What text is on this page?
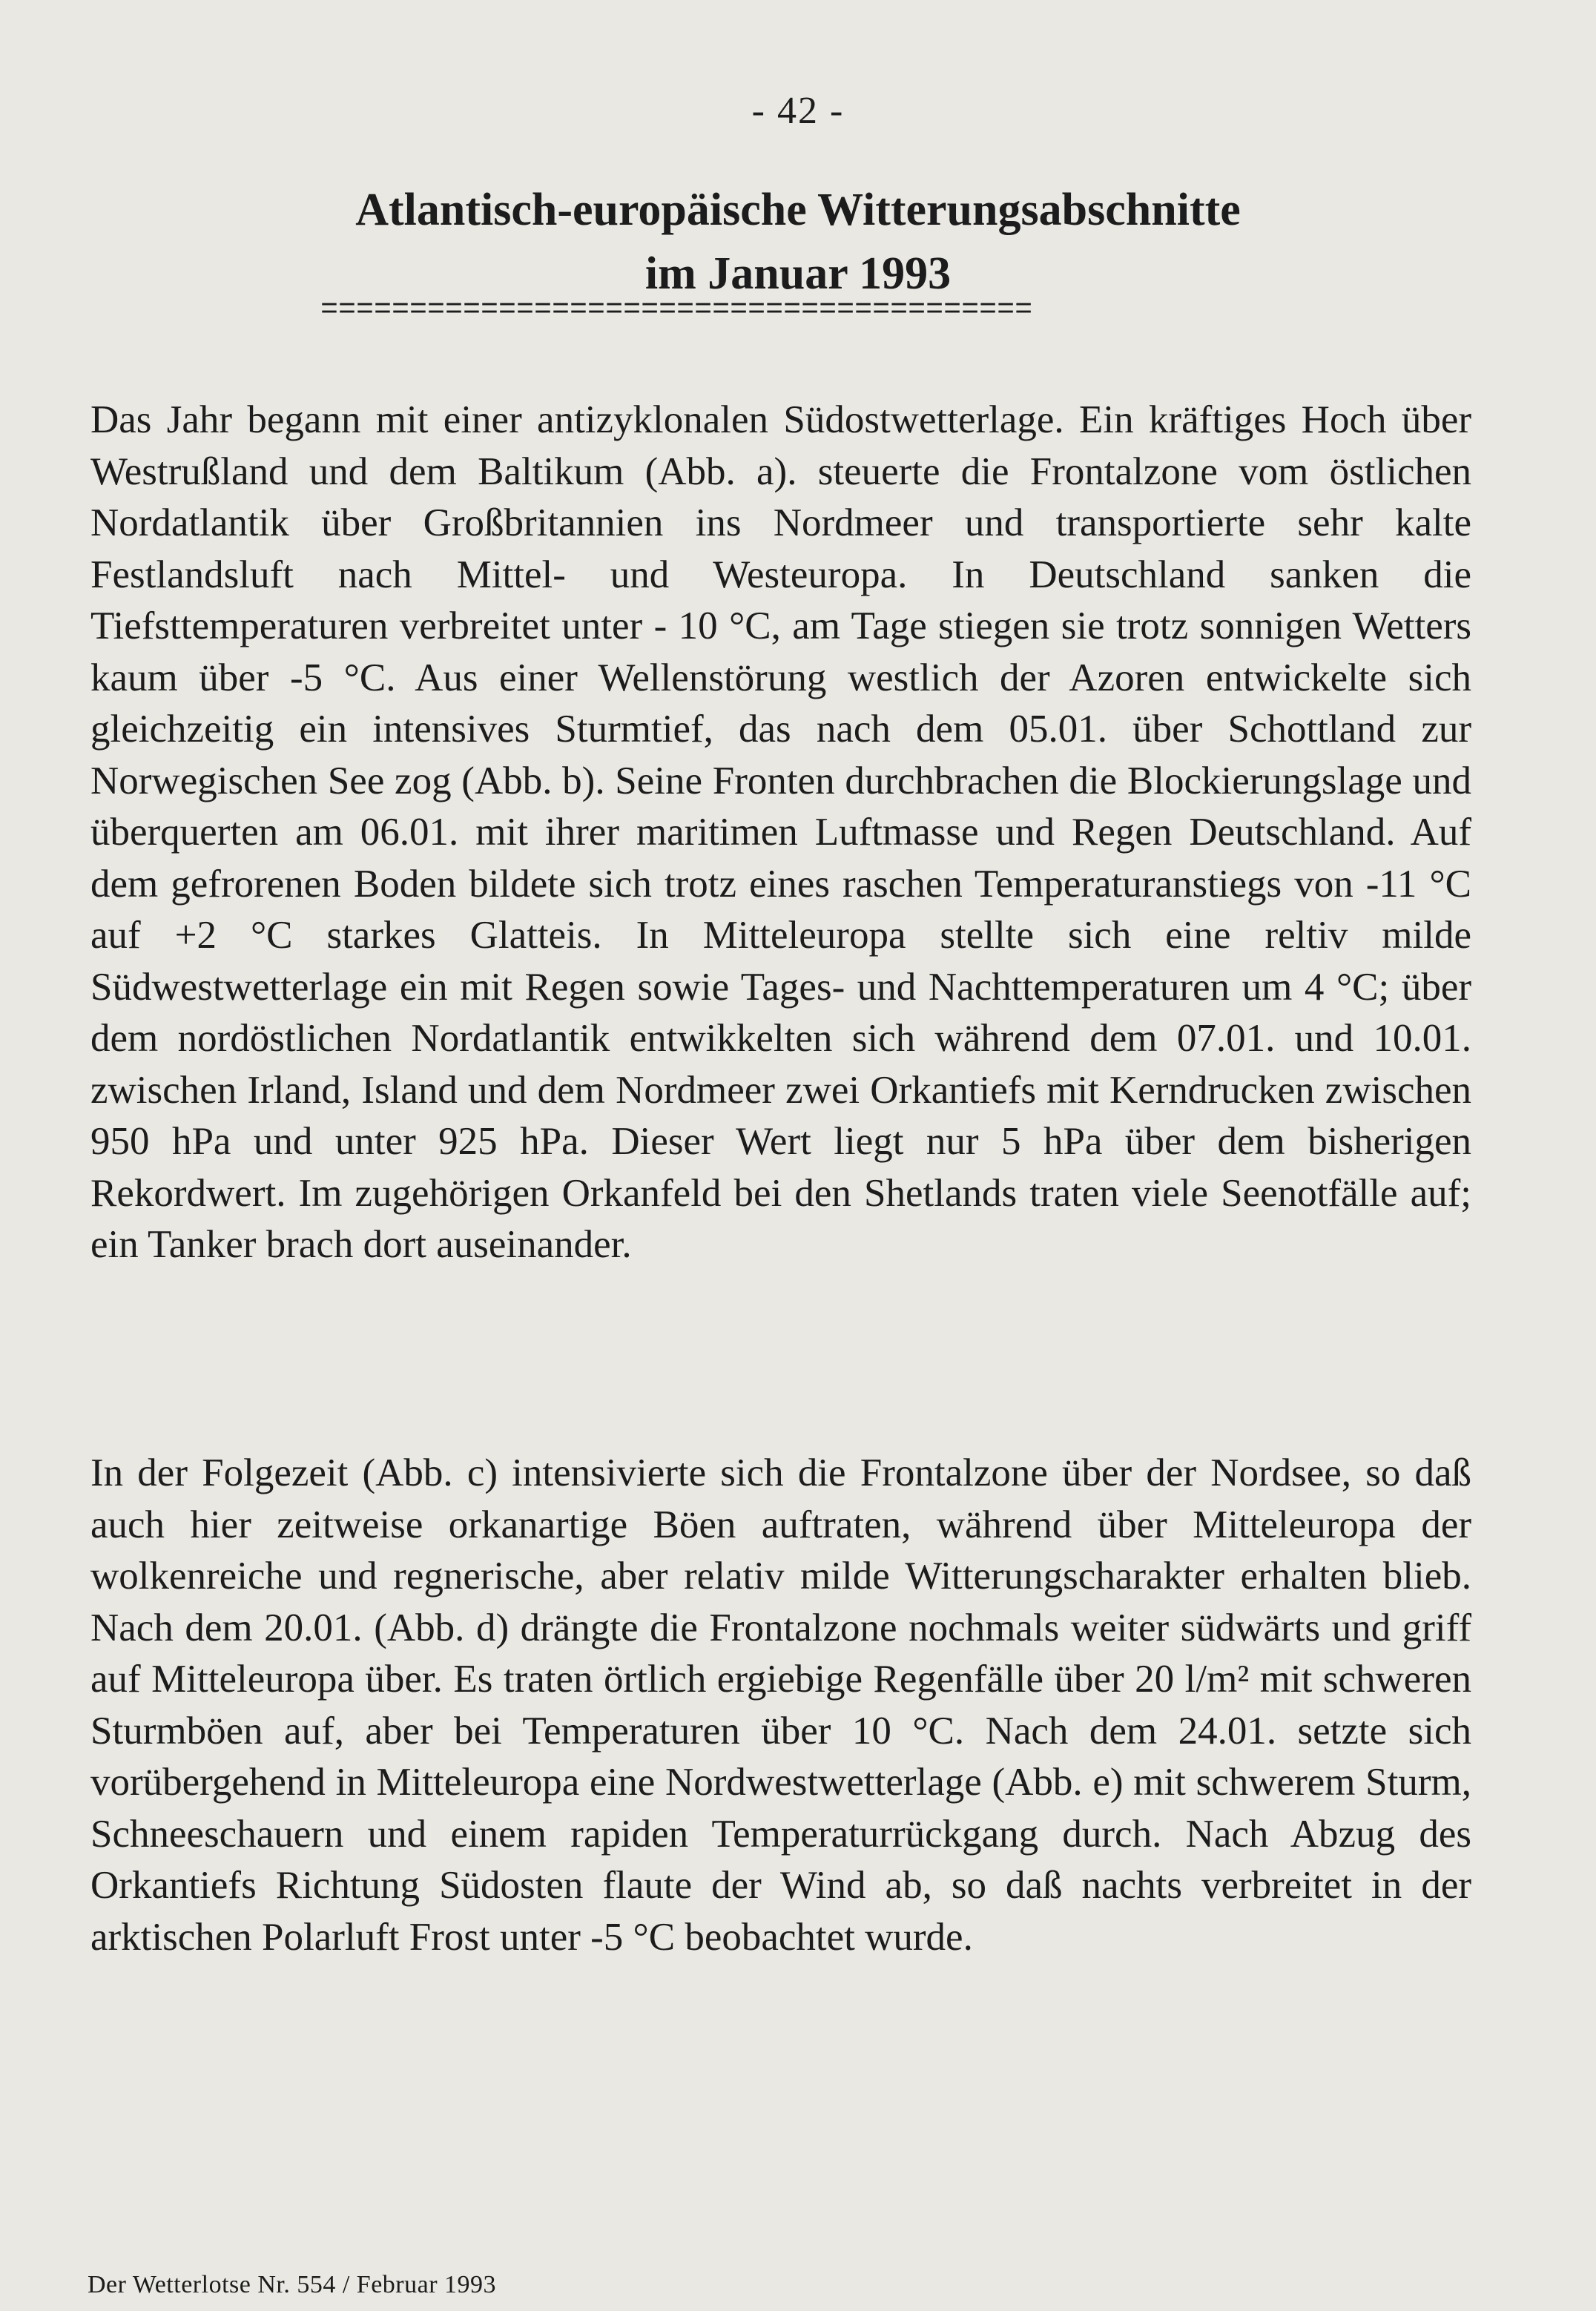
- 42 -
Atlantisch-europäische Witterungsabschnitte
im Januar 1993
========================================

Das Jahr begann mit einer antizyklonalen Südostwetterlage. Ein kräftiges Hoch über Westrußland und dem Baltikum (Abb. a). steuerte die Frontalzone vom östlichen Nordatlantik über Großbritannien ins Nordmeer und transportierte sehr kalte Festlandsluft nach Mittel- und Westeuropa. In Deutschland sanken die Tiefsttemperaturen verbreitet unter - 10 °C, am Tage stiegen sie trotz sonnigen Wetters kaum über -5 °C. Aus einer Wellenstörung westlich der Azoren entwickelte sich gleichzeitig ein intensives Sturmtief, das nach dem 05.01. über Schottland zur Norwegischen See zog (Abb. b). Seine Fronten durchbrachen die Blockierungslage und überquerten am 06.01. mit ihrer maritimen Luftmasse und Regen Deutschland. Auf dem gefrorenen Boden bildete sich trotz eines raschen Temperaturanstiegs von -11 °C auf +2 °C starkes Glatteis. In Mitteleuropa stellte sich eine reltiv milde Südwestwetterlage ein mit Regen sowie Tages- und Nachttemperaturen um 4 °C; über dem nordöstlichen Nordatlantik entwikkelten sich während dem 07.01. und 10.01. zwischen Irland, Island und dem Nordmeer zwei Orkantiefs mit Kerndrucken zwischen 950 hPa und unter 925 hPa. Dieser Wert liegt nur 5 hPa über dem bisherigen Rekordwert. Im zugehörigen Orkanfeld bei den Shetlands traten viele Seenotfälle auf; ein Tanker brach dort auseinander.

In der Folgezeit (Abb. c) intensivierte sich die Frontalzone über der Nordsee, so daß auch hier zeitweise orkanartige Böen auftraten, während über Mitteleuropa der wolkenreiche und regnerische, aber relativ milde Witterungscharakter erhalten blieb. Nach dem 20.01. (Abb. d) drängte die Frontalzone nochmals weiter südwärts und griff auf Mitteleuropa über. Es traten örtlich ergiebige Regenfälle über 20 l/m² mit schweren Sturmböen auf, aber bei Temperaturen über 10 °C. Nach dem 24.01. setzte sich vorübergehend in Mitteleuropa eine Nordwestwetterlage (Abb. e) mit schwerem Sturm, Schneeschauern und einem rapiden Temperaturrückgang durch. Nach Abzug des Orkantiefs Richtung Südosten flaute der Wind ab, so daß nachts verbreitet in der arktischen Polarluft Frost unter -5 °C beobachtet wurde.

Der Wetterlotse Nr. 554 / Februar 1993
